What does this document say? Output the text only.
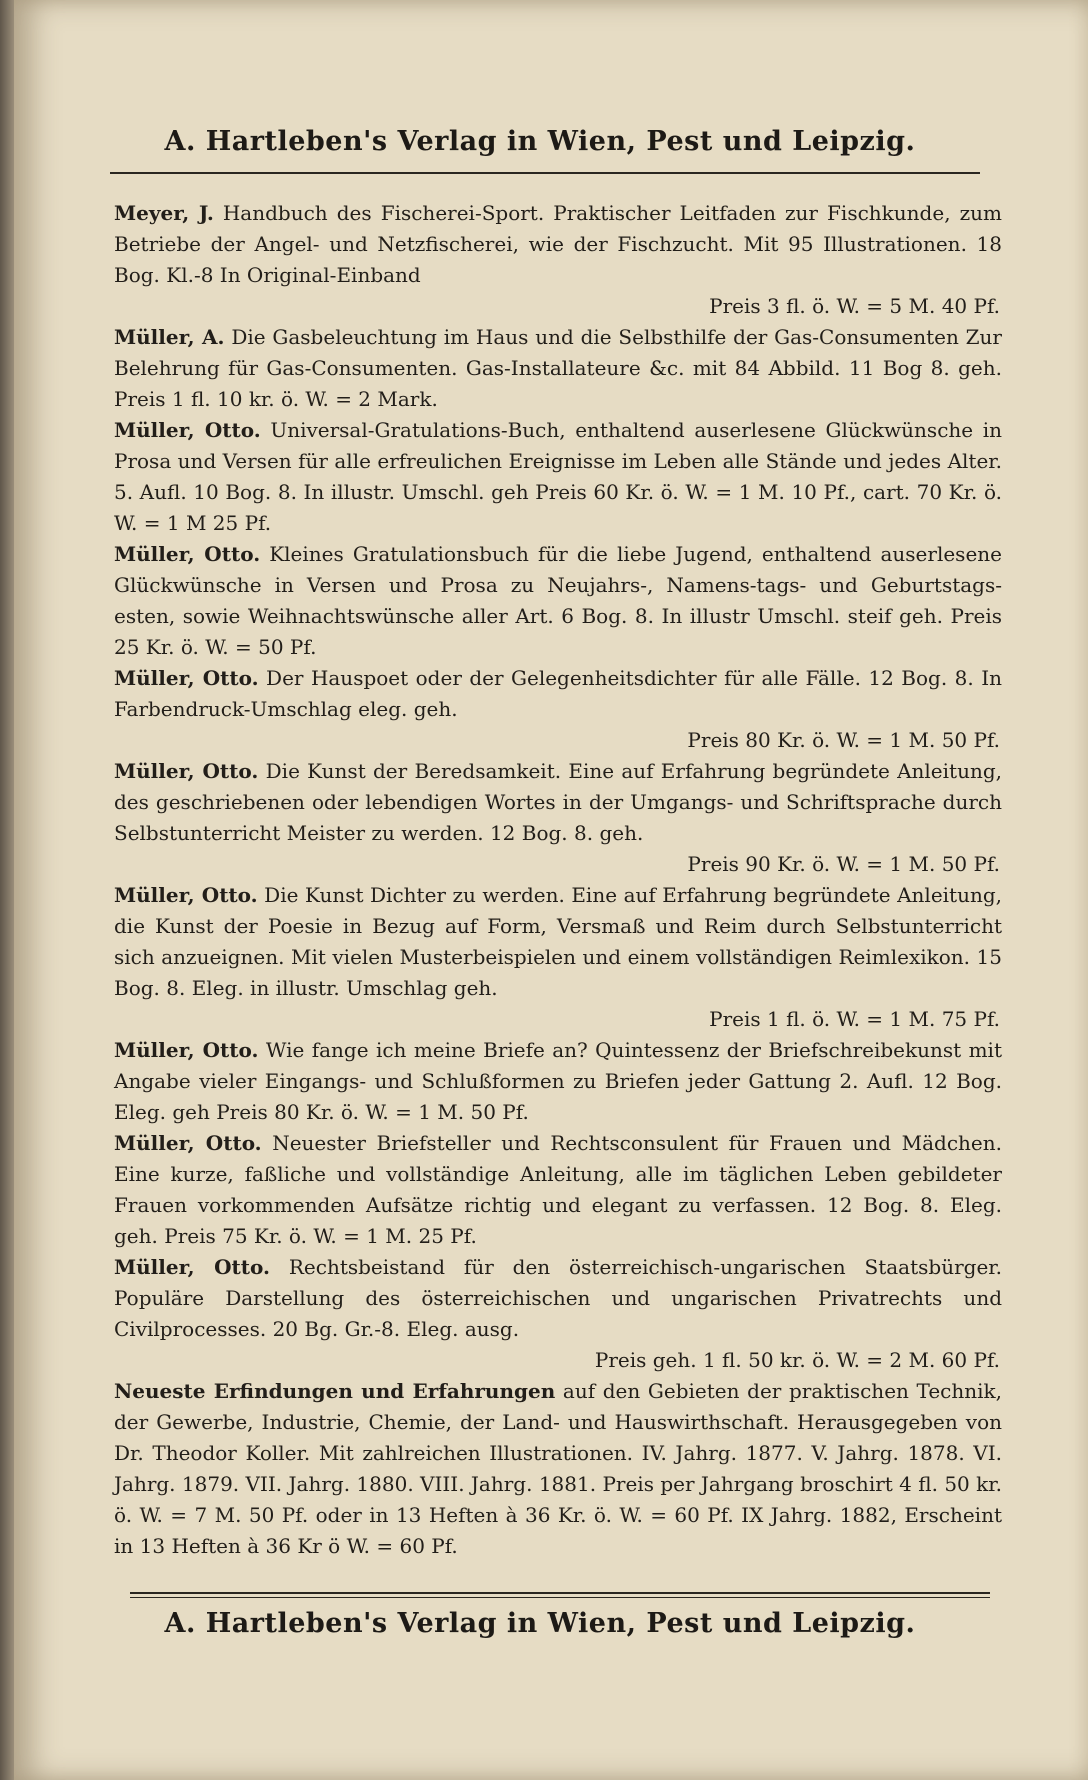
A. Hartleben's Verlag in Wien, Pest und Leipzig.

Meyer, J. Handbuch des Fischerei-Sport. Praktischer Leitfaden zur Fischkunde, zum Betriebe der Angel- und Netzfischerei, wie der Fischzucht. Mit 95 Illustrationen. 18 Bog. Kl.-8 In Original-Einband
Preis 3 fl. ö. W. = 5 M. 40 Pf.

Müller, A. Die Gasbeleuchtung im Haus und die Selbsthilfe der Gas-Consumenten Zur Belehrung für Gas-Consumenten. Gas-Installateure &c. mit 84 Abbild. 11 Bog 8. geh. Preis 1 fl. 10 kr. ö. W. = 2 Mark.

Müller, Otto. Universal-Gratulations-Buch, enthaltend auserlesene Glückwünsche in Prosa und Versen für alle erfreulichen Ereignisse im Leben alle Stände und jedes Alter. 5. Aufl. 10 Bog. 8. In illustr. Umschl. geh Preis 60 Kr. ö. W. = 1 M. 10 Pf., cart. 70 Kr. ö. W. = 1 M 25 Pf.

Müller, Otto. Kleines Gratulationsbuch für die liebe Jugend, enthaltend auserlesene Glückwünsche in Versen und Prosa zu Neujahrs-, Namens-tags- und Geburtstags-esten, sowie Weihnachtswünsche aller Art. 6 Bog. 8. In illustr Umschl. steif geh. Preis 25 Kr. ö. W. = 50 Pf.

Müller, Otto. Der Hauspoet oder der Gelegenheitsdichter für alle Fälle. 12 Bog. 8. In Farbendruck-Umschlag eleg. geh.
Preis 80 Kr. ö. W. = 1 M. 50 Pf.

Müller, Otto. Die Kunst der Beredsamkeit. Eine auf Erfahrung begründete Anleitung, des geschriebenen oder lebendigen Wortes in der Umgangs- und Schriftsprache durch Selbstunterricht Meister zu werden. 12 Bog. 8. geh.
Preis 90 Kr. ö. W. = 1 M. 50 Pf.

Müller, Otto. Die Kunst Dichter zu werden. Eine auf Erfahrung begründete Anleitung, die Kunst der Poesie in Bezug auf Form, Versmaß und Reim durch Selbstunterricht sich anzueignen. Mit vielen Musterbeispielen und einem vollständigen Reimlexikon. 15 Bog. 8. Eleg. in illustr. Umschlag geh.
Preis 1 fl. ö. W. = 1 M. 75 Pf.

Müller, Otto. Wie fange ich meine Briefe an? Quintessenz der Briefschreibekunst mit Angabe vieler Eingangs- und Schlußformen zu Briefen jeder Gattung 2. Aufl. 12 Bog. Eleg. geh Preis 80 Kr. ö. W. = 1 M. 50 Pf.

Müller, Otto. Neuester Briefsteller und Rechtsconsulent für Frauen und Mädchen. Eine kurze, faßliche und vollständige Anleitung, alle im täglichen Leben gebildeter Frauen vorkommenden Aufsätze richtig und elegant zu verfassen. 12 Bog. 8. Eleg. geh. Preis 75 Kr. ö. W. = 1 M. 25 Pf.

Müller, Otto. Rechtsbeistand für den österreichisch-ungarischen Staatsbürger. Populäre Darstellung des österreichischen und ungarischen Privatrechts und Civilprocesses. 20 Bg. Gr.-8. Eleg. ausg.
Preis geh. 1 fl. 50 kr. ö. W. = 2 M. 60 Pf.

Neueste Erfindungen und Erfahrungen auf den Gebieten der praktischen Technik, der Gewerbe, Industrie, Chemie, der Land- und Hauswirthschaft. Herausgegeben von Dr. Theodor Koller. Mit zahlreichen Illustrationen. IV. Jahrg. 1877. V. Jahrg. 1878. VI. Jahrg. 1879. VII. Jahrg. 1880. VIII. Jahrg. 1881. Preis per Jahrgang broschirt 4 fl. 50 kr. ö. W. = 7 M. 50 Pf. oder in 13 Heften à 36 Kr. ö. W. = 60 Pf. IX Jahrg. 1882, Erscheint in 13 Heften à 36 Kr ö W. = 60 Pf.

A. Hartleben's Verlag in Wien, Pest und Leipzig.
